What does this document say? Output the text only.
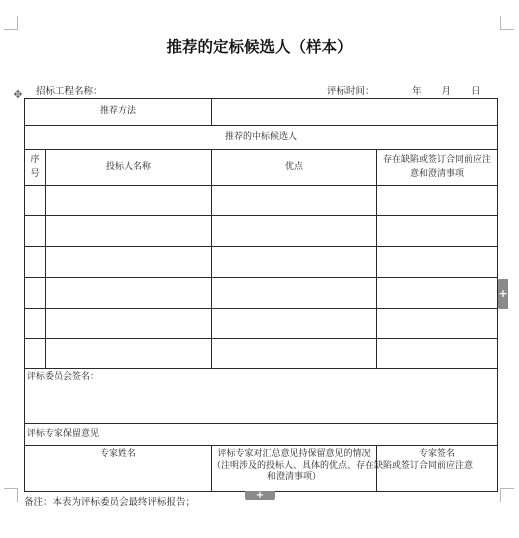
推荐的定标候选人（样本）
✥ 招标工程名称：	评标时间：	年 月 日
推荐方法			
推荐的中标候选人			
序号	投标人名称	优点	存在缺陷或签订合同前应注意和澄清事项

评标委员会签名：			
评标专家保留意见			
专家姓名		评标专家对汇总意见持保留意见的情况
（注明涉及的投标人、具体的优点、存在缺陷或签订合同前应注意
和澄清事项）	专家签名
+
+
备注：本表为评标委员会最终评标报告；
